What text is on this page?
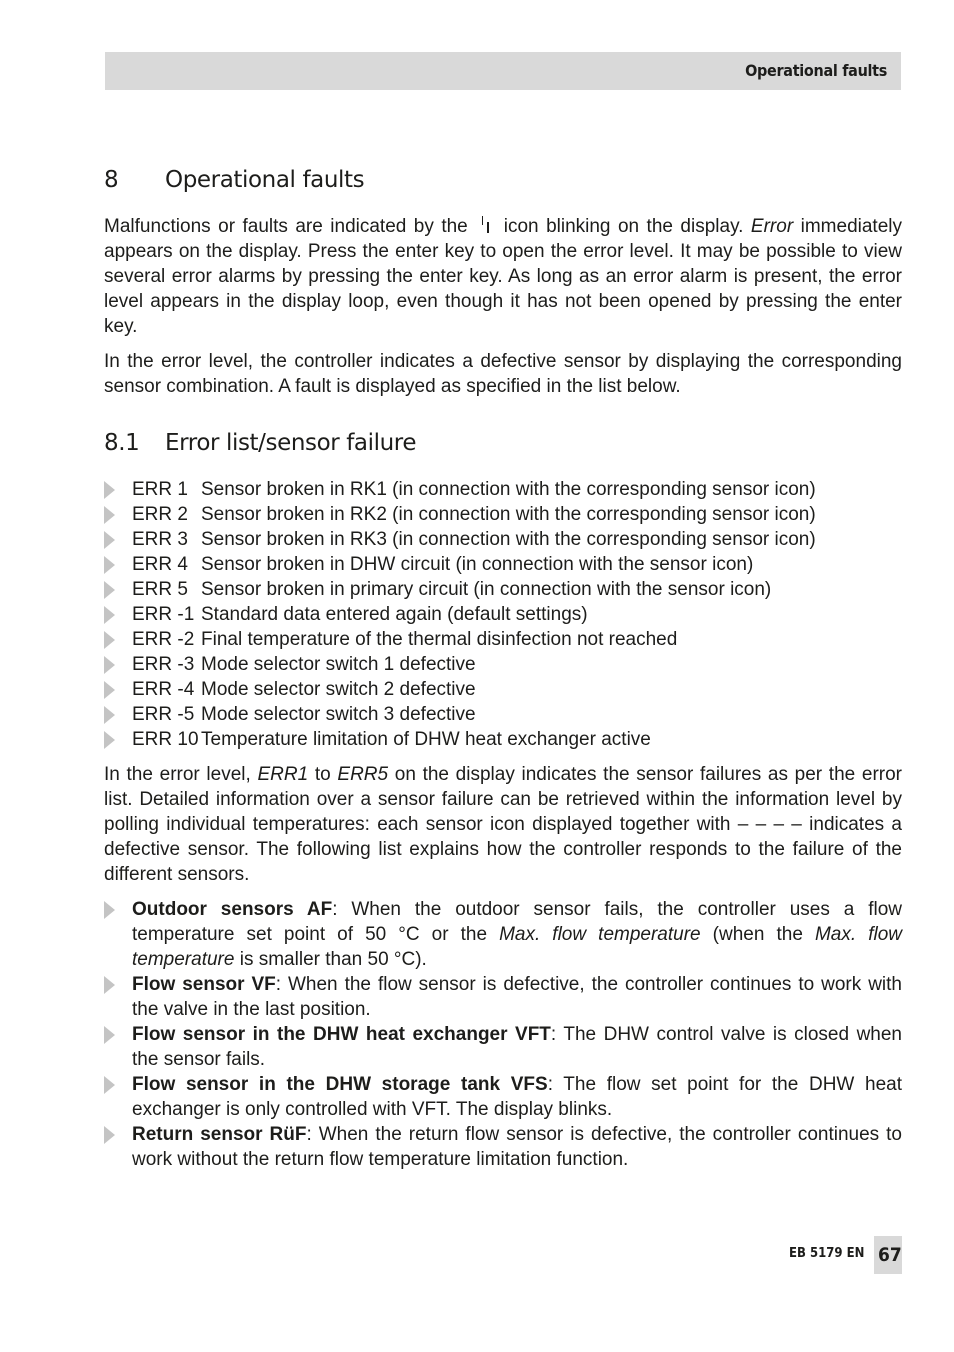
Operational faults
8 Operational faults

Malfunctions or faults are indicated by the icon blinking on the display. Error immediately appears on the display. Press the enter key to open the error level. It may be possible to view several error alarms by pressing the enter key. As long as an error alarm is present, the error level appears in the display loop, even though it has not been opened by pressing the enter key.

In the error level, the controller indicates a defective sensor by displaying the corresponding sensor combination. A fault is displayed as specified in the list below.

8.1 Error list/sensor failure
ERR 1 Sensor broken in RK1 (in connection with the corresponding sensor icon)
ERR 2 Sensor broken in RK2 (in connection with the corresponding sensor icon)
ERR 3 Sensor broken in RK3 (in connection with the corresponding sensor icon)
ERR 4 Sensor broken in DHW circuit (in connection with the sensor icon)
ERR 5 Sensor broken in primary circuit (in connection with the sensor icon)
ERR -1 Standard data entered again (default settings)
ERR -2 Final temperature of the thermal disinfection not reached
ERR -3 Mode selector switch 1 defective
ERR -4 Mode selector switch 2 defective
ERR -5 Mode selector switch 3 defective
ERR 10 Temperature limitation of DHW heat exchanger active

In the error level, ERR1 to ERR5 on the display indicates the sensor failures as per the error list. Detailed information over a sensor failure can be retrieved within the information level by polling individual temperatures: each sensor icon displayed together with – – – – indicates a defective sensor. The following list explains how the controller responds to the failure of the different sensors.

Outdoor sensors AF: When the outdoor sensor fails, the controller uses a flow temperature set point of 50 °C or the Max. flow temperature (when the Max. flow temperature is smaller than 50 °C).
Flow sensor VF: When the flow sensor is defective, the controller continues to work with the valve in the last position.
Flow sensor in the DHW heat exchanger VFT: The DHW control valve is closed when the sensor fails.
Flow sensor in the DHW storage tank VFS: The flow set point for the DHW heat exchanger is only controlled with VFT. The display blinks.
Return sensor RüF: When the return flow sensor is defective, the controller continues to work without the return flow temperature limitation function.
EB 5179 EN 67
